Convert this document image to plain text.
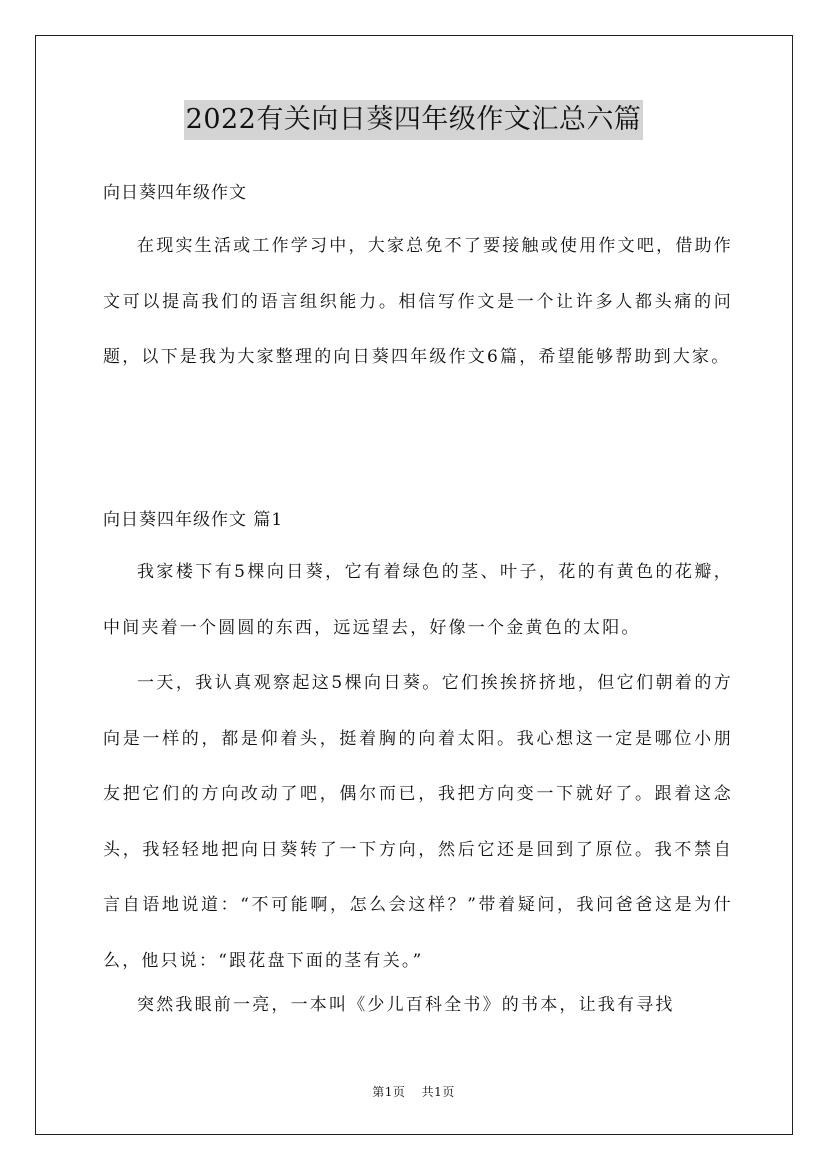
2022有关向日葵四年级作文汇总六篇
向日葵四年级作文

在现实生活或工作学习中，大家总免不了要接触或使用作文吧，借助作文可以提高我们的语言组织能力。相信写作文是一个让许多人都头痛的问题，以下是我为大家整理的向日葵四年级作文6篇，希望能够帮助到大家。

向日葵四年级作文 篇1

我家楼下有5棵向日葵，它有着绿色的茎、叶子，花的有黄色的花瓣，中间夹着一个圆圆的东西，远远望去，好像一个金黄色的太阳。

一天，我认真观察起这5棵向日葵。它们挨挨挤挤地，但它们朝着的方向是一样的，都是仰着头，挺着胸的向着太阳。我心想这一定是哪位小朋友把它们的方向改动了吧，偶尔而已，我把方向变一下就好了。跟着这念头，我轻轻地把向日葵转了一下方向，然后它还是回到了原位。我不禁自言自语地说道：“不可能啊，怎么会这样？”带着疑问，我问爸爸这是为什么，他只说：“跟花盘下面的茎有关。”

突然我眼前一亮，一本叫《少儿百科全书》的书本，让我有寻找

第1页 共1页
